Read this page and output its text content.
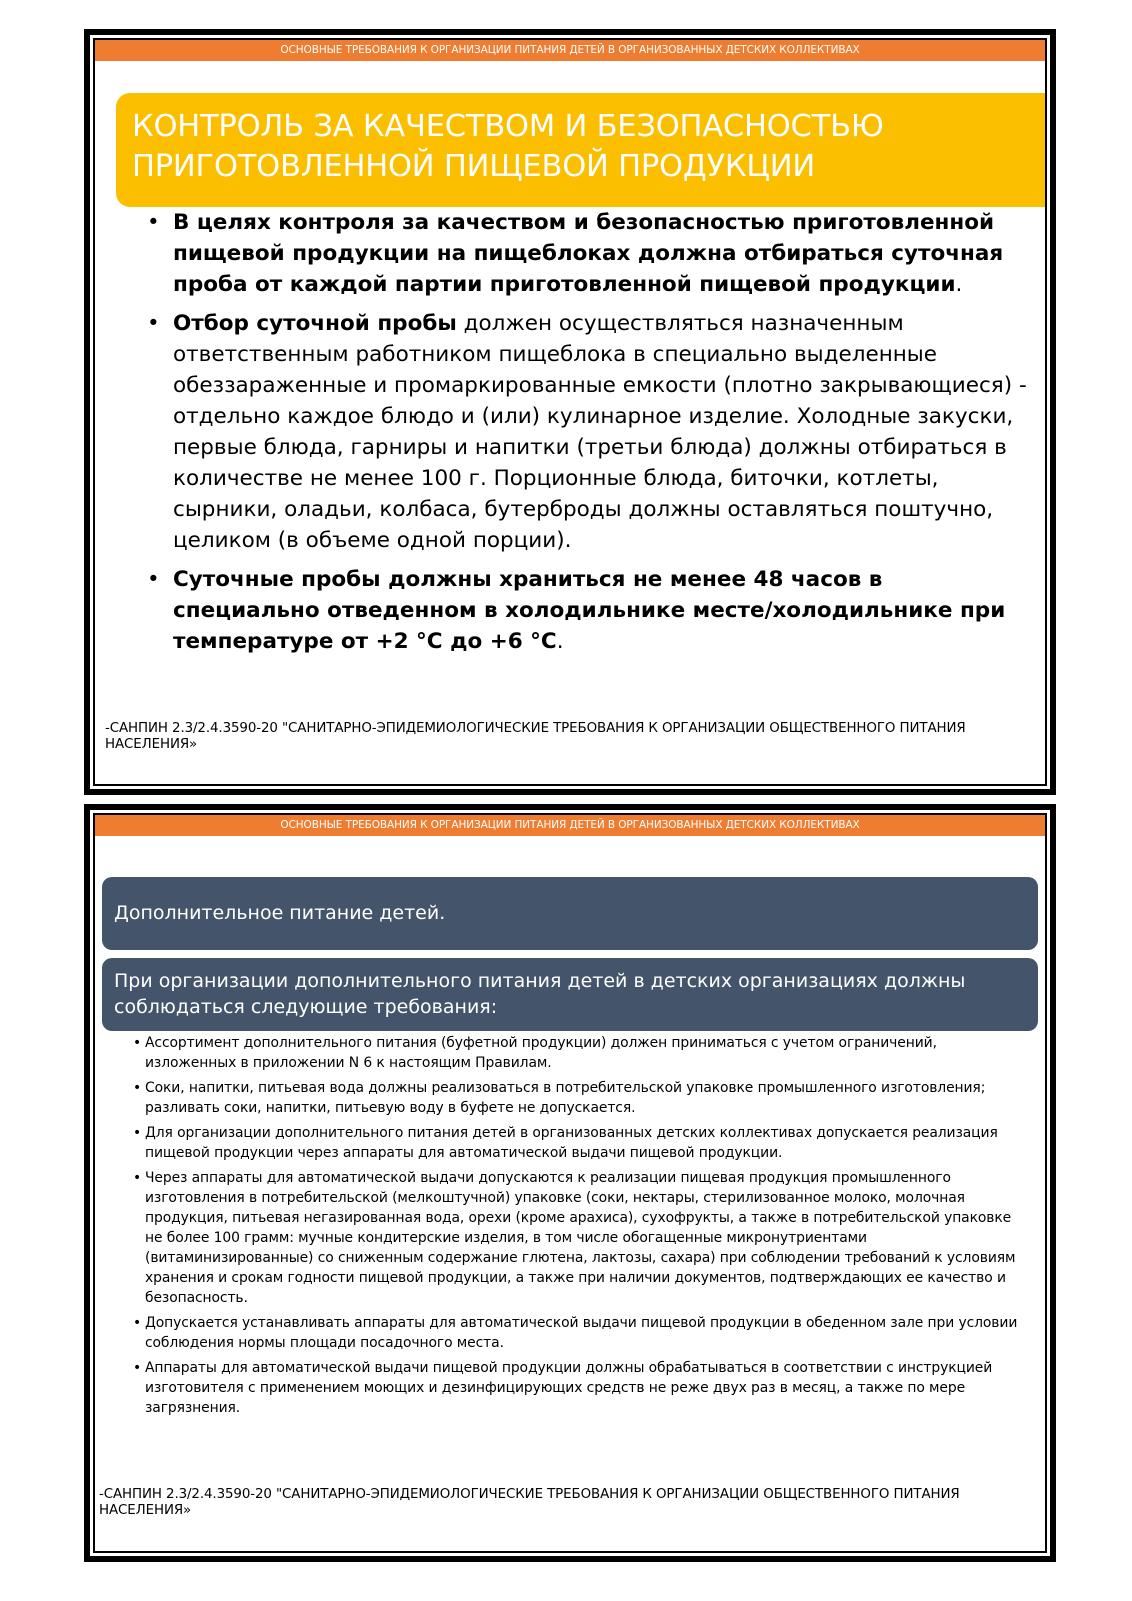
ОСНОВНЫЕ ТРЕБОВАНИЯ К ОРГАНИЗАЦИИ ПИТАНИЯ ДЕТЕЙ В ОРГАНИЗОВАННЫХ ДЕТСКИХ КОЛЛЕКТИВАХ
КОНТРОЛЬ ЗА КАЧЕСТВОМ И БЕЗОПАСНОСТЬЮ
ПРИГОТОВЛЕННОЙ ПИЩЕВОЙ ПРОДУКЦИИ
• В целях контроля за качеством и безопасностью приготовленной пищевой продукции на пищеблоках должна отбираться суточная проба от каждой партии приготовленной пищевой продукции.
• Отбор суточной пробы должен осуществляться назначенным ответственным работником пищеблока в специально выделенные обеззараженные и промаркированные емкости (плотно закрывающиеся) - отдельно каждое блюдо и (или) кулинарное изделие. Холодные закуски, первые блюда, гарниры и напитки (третьи блюда) должны отбираться в количестве не менее 100 г. Порционные блюда, биточки, котлеты, сырники, оладьи, колбаса, бутерброды должны оставляться поштучно, целиком (в объеме одной порции).
• Суточные пробы должны храниться не менее 48 часов в специально отведенном в холодильнике месте/холодильнике при температуре от +2 °С до +6 °С.
-САНПИН 2.3/2.4.3590-20 "САНИТАРНО-ЭПИДЕМИОЛОГИЧЕСКИЕ ТРЕБОВАНИЯ К ОРГАНИЗАЦИИ ОБЩЕСТВЕННОГО ПИТАНИЯ НАСЕЛЕНИЯ»
ОСНОВНЫЕ ТРЕБОВАНИЯ К ОРГАНИЗАЦИИ ПИТАНИЯ ДЕТЕЙ В ОРГАНИЗОВАННЫХ ДЕТСКИХ КОЛЛЕКТИВАХ
Дополнительное питание детей.
При организации дополнительного питания детей в детских организациях должны соблюдаться следующие требования:
• Ассортимент дополнительного питания (буфетной продукции) должен приниматься с учетом ограничений, изложенных в приложении N 6 к настоящим Правилам.
• Соки, напитки, питьевая вода должны реализоваться в потребительской упаковке промышленного изготовления; разливать соки, напитки, питьевую воду в буфете не допускается.
• Для организации дополнительного питания детей в организованных детских коллективах допускается реализация пищевой продукции через аппараты для автоматической выдачи пищевой продукции.
• Через аппараты для автоматической выдачи допускаются к реализации пищевая продукция промышленного изготовления в потребительской (мелкоштучной) упаковке (соки, нектары, стерилизованное молоко, молочная продукция, питьевая негазированная вода, орехи (кроме арахиса), сухофрукты, а также в потребительской упаковке не более 100 грамм: мучные кондитерские изделия, в том числе обогащенные микронутриентами (витаминизированные) со сниженным содержание глютена, лактозы, сахара) при соблюдении требований к условиям хранения и срокам годности пищевой продукции, а также при наличии документов, подтверждающих ее качество и безопасность.
• Допускается устанавливать аппараты для автоматической выдачи пищевой продукции в обеденном зале при условии соблюдения нормы площади посадочного места.
• Аппараты для автоматической выдачи пищевой продукции должны обрабатываться в соответствии с инструкцией изготовителя с применением моющих и дезинфицирующих средств не реже двух раз в месяц, а также по мере загрязнения.
-САНПИН 2.3/2.4.3590-20 "САНИТАРНО-ЭПИДЕМИОЛОГИЧЕСКИЕ ТРЕБОВАНИЯ К ОРГАНИЗАЦИИ ОБЩЕСТВЕННОГО ПИТАНИЯ НАСЕЛЕНИЯ»
